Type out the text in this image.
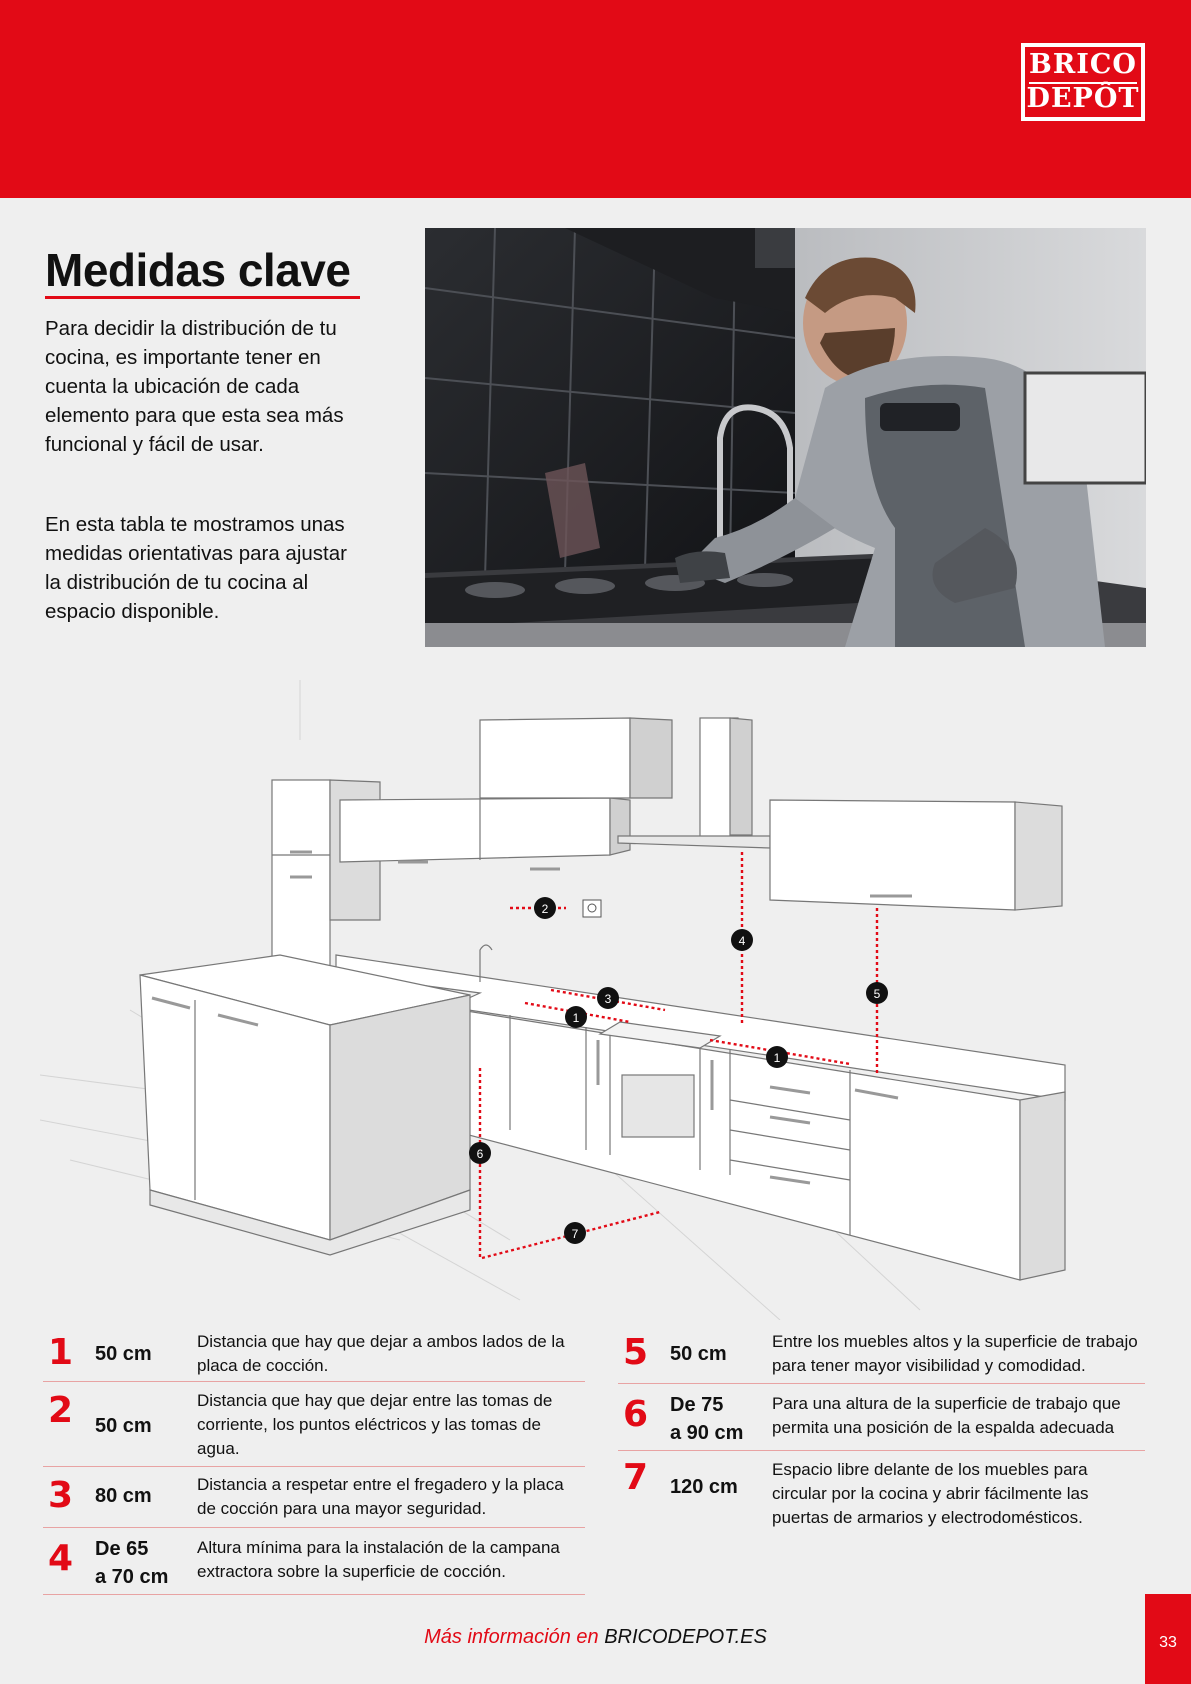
BRICO
DEPÔT
Medidas clave

Para decidir la distribución de tu cocina, es importante tener en cuenta la ubicación de cada elemento para que esta sea más funcional y fácil de usar.

En esta tabla te mostramos unas medidas orientativas para ajustar la distribución de tu cocina al espacio disponible.

2
3
1
4
5
1
6
7
1 50 cm
Distancia que hay que dejar a ambos lados de la placa de cocción.
2 50 cm
Distancia que hay que dejar entre las tomas de corriente, los puntos eléctricos y las tomas de agua.
3 80 cm
Distancia a respetar entre el fregadero y la placa de cocción para una mayor seguridad.
4 De 65
a 70 cm
Altura mínima para la instalación de la campana extractora sobre la superficie de cocción.
5 50 cm
Entre los muebles altos y la superficie de trabajo para tener mayor visibilidad y comodidad.
6 De 75
a 90 cm
Para una altura de la superficie de trabajo que permita una posición de la espalda adecuada
7 120 cm
Espacio libre delante de los muebles para circular por la cocina y abrir fácilmente las puertas de armarios y electrodomésticos.
Más información en BRICODEPOT.ES	33
